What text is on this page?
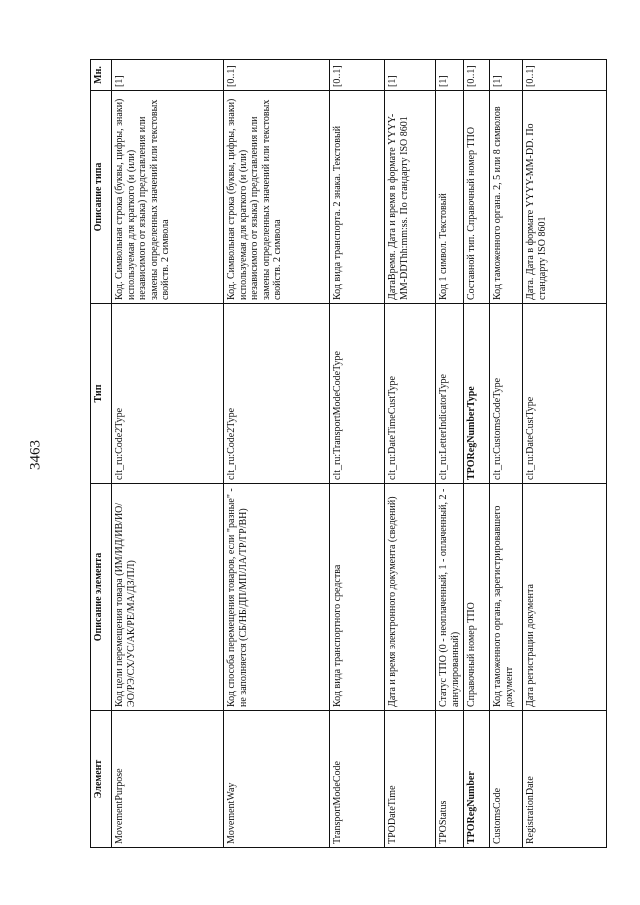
3463
Элемент	Описание элемента	Тип	Описание типа	Мн.
MovementPurpose	Код цели перемещения товара (ИМ/ИД/ИВ/ИО/ЭО/РЭ/СХ/УС/АК/РЕ/МА/ДЗ/ПЛ)	clt_ru:Code2Type	Код. Символьная строка (буквы, цифры, знаки) используемая для краткого (и (или) независимого от языка) представления или замены определенных значений или текстовых свойств. 2 символа	[1]
MovementWay	Код способа перемещения товаров, если "разные" - не заполняется (СБ/НБ/ДП/МП/ЛА/ТР/ГР/ВН)	clt_ru:Code2Type	Код. Символьная строка (буквы, цифры, знаки) используемая для краткого (и (или) независимого от языка) представления или замены определенных значений или текстовых свойств. 2 символа	[0..1]
TransportModeCode	Код вида транспортного средства	clt_ru:TransportModeCodeType	Код вида транспорта. 2 знака. Текстовый	[0..1]
TPODateTime	Дата и время электронного документа (сведений)	clt_ru:DateTimeCustType	ДатаВремя. Дата и время в формате YYYY-MM-DDThh:mm:ss. По стандарту ISO 8601	[1]
TPOStatus	Статус ТПО (0 - неоплаченный, 1 - оплаченный, 2 - аннулированный)	clt_ru:LetterIndicatorType	Код 1 символ. Текстовый	[1]
TPORegNumber	Справочный номер ТПО	TPORegNumberType	Составной тип. Справочный номер ТПО	[0..1]
CustomsCode	Код таможенного органа, зарегистрировавшего документ	clt_ru:CustomsCodeType	Код таможенного органа. 2, 5 или 8 символов	[1]
RegistrationDate	Дата регистрации документа	clt_ru:DateCustType	Дата. Дата в формате YYYY-MM-DD. По стандарту ISO 8601	[0..1]
